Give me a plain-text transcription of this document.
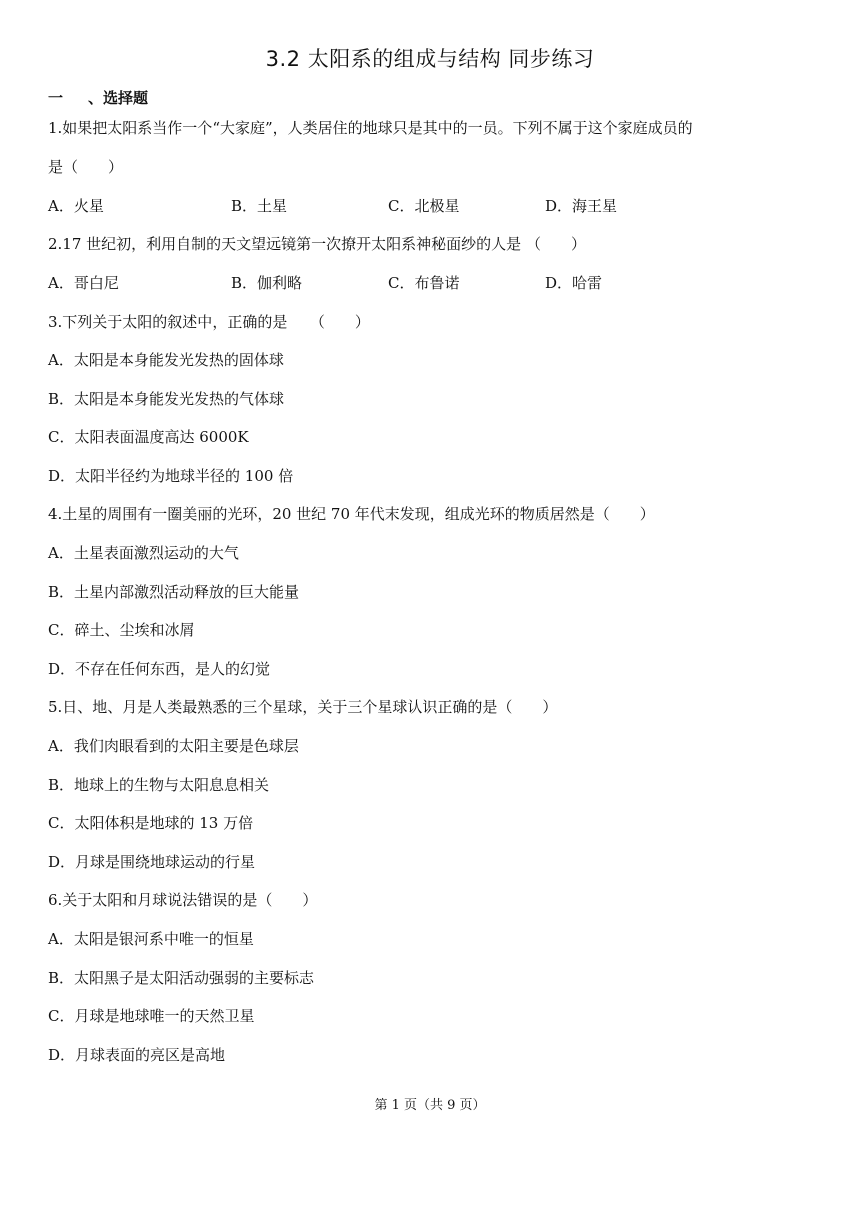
3.2 太阳系的组成与结构 同步练习
一 、选择题
1.如果把太阳系当作一个“大家庭”，人类居住的地球只是其中的一员。下列不属于这个家庭成员的
是（　　）
A．火星	B．土星	C．北极星	D．海王星
2.17 世纪初，利用自制的天文望远镜第一次撩开太阳系神秘面纱的人是 （　　）
A．哥白尼	B．伽利略	C．布鲁诺	D．哈雷
3.下列关于太阳的叙述中，正确的是　　（　　）
A．太阳是本身能发光发热的固体球
B．太阳是本身能发光发热的气体球
C．太阳表面温度高达 6000K
D．太阳半径约为地球半径的 100 倍
4.土星的周围有一圈美丽的光环，20 世纪 70 年代末发现，组成光环的物质居然是（　　）
A．土星表面激烈运动的大气
B．土星内部激烈活动释放的巨大能量
C．碎土、尘埃和冰屑
D．不存在任何东西，是人的幻觉
5.日、地、月是人类最熟悉的三个星球，关于三个星球认识正确的是（　　）
A．我们肉眼看到的太阳主要是色球层
B．地球上的生物与太阳息息相关
C．太阳体积是地球的 13 万倍
D．月球是围绕地球运动的行星
6.关于太阳和月球说法错误的是（　　）
A．太阳是银河系中唯一的恒星
B．太阳黑子是太阳活动强弱的主要标志
C．月球是地球唯一的天然卫星
D．月球表面的亮区是高地
第 1 页（共 9 页）
